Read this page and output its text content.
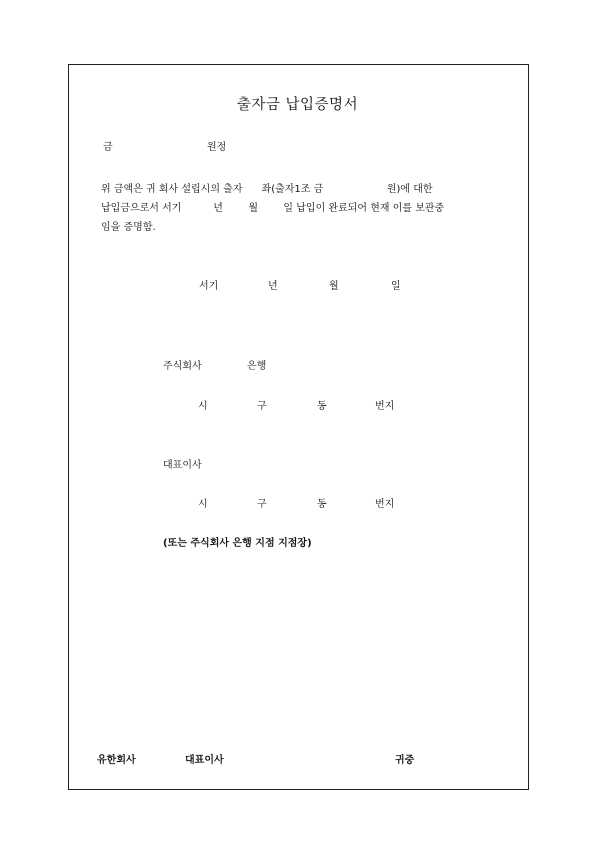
출자금 납입증명서
금	원정
위 금액은 귀 회사 설립시의 출자      좌(출자1조 금                    원)에 대한
납입금으로서 서기          년        월        일 납입이 완료되어 현재 이를 보관중
임을 증명함.
서기	년	월	일
주식회사	은행
시	구	동	번지
대표이사
시	구	동	번지
(또는 주식회사 은행 지점 지점장)
유한회사	대표이사	귀중
